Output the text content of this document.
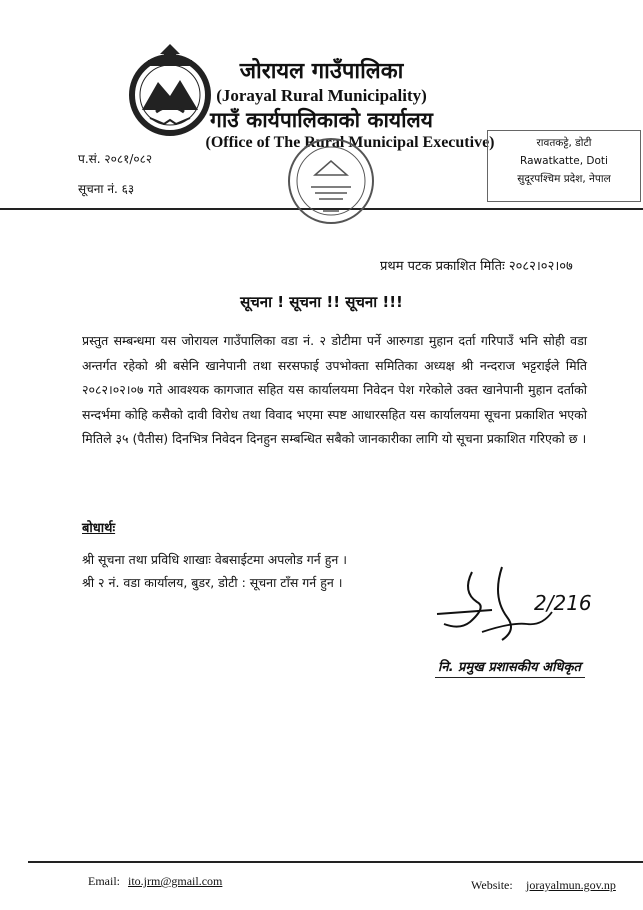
जोरायल गाउँपालिका
(Jorayal Rural Municipality)
गाउँ कार्यपालिकाको कार्यालय
(Office of The Rural Municipal Executive)
प.सं. २०८१/०८२
सूचना नं. ६३
रावतकट्टे, डोटी
Rawatkatte, Doti
सुदूरपश्चिम प्रदेश, नेपाल
प्रथम पटक प्रकाशित मितिः २०८२।०२।०७
सूचना ! सूचना !! सूचना !!!
प्रस्तुत सम्बन्धमा यस जोरायल गाउँपालिका वडा नं. २ डोटीमा पर्ने आरुगडा मुहान दर्ता गरिपाउँ भनि सोही वडा अन्तर्गत रहेको श्री बसेनि खानेपानी तथा सरसफाई उपभोक्ता समितिका अध्यक्ष श्री नन्दराज भट्टराईले मिति २०८२।०२।०७ गते आवश्यक कागजात सहित यस कार्यालयमा निवेदन पेश गरेकोले उक्त खानेपानी मुहान दर्ताको सन्दर्भमा कोहि कसैको दावी विरोध तथा विवाद भएमा स्पष्ट आधारसहित यस कार्यालयमा सूचना प्रकाशित भएको मितिले ३५ (पैतीस) दिनभित्र निवेदन दिनहुन सम्बन्धित सबैको जानकारीका लागि यो सूचना प्रकाशित गरिएको छ ।
बोधार्थः
श्री सूचना तथा प्रविधि शाखाः वेबसाईटमा अपलोड गर्न हुन ।
श्री २ नं. वडा कार्यालय, बुडर, डोटी : सूचना टाँस गर्न हुन ।
2/216
नि. प्रमुख प्रशासकीय अधिकृत
Email: ito.jrm@gmail.com	Website: jorayalmun.gov.np
